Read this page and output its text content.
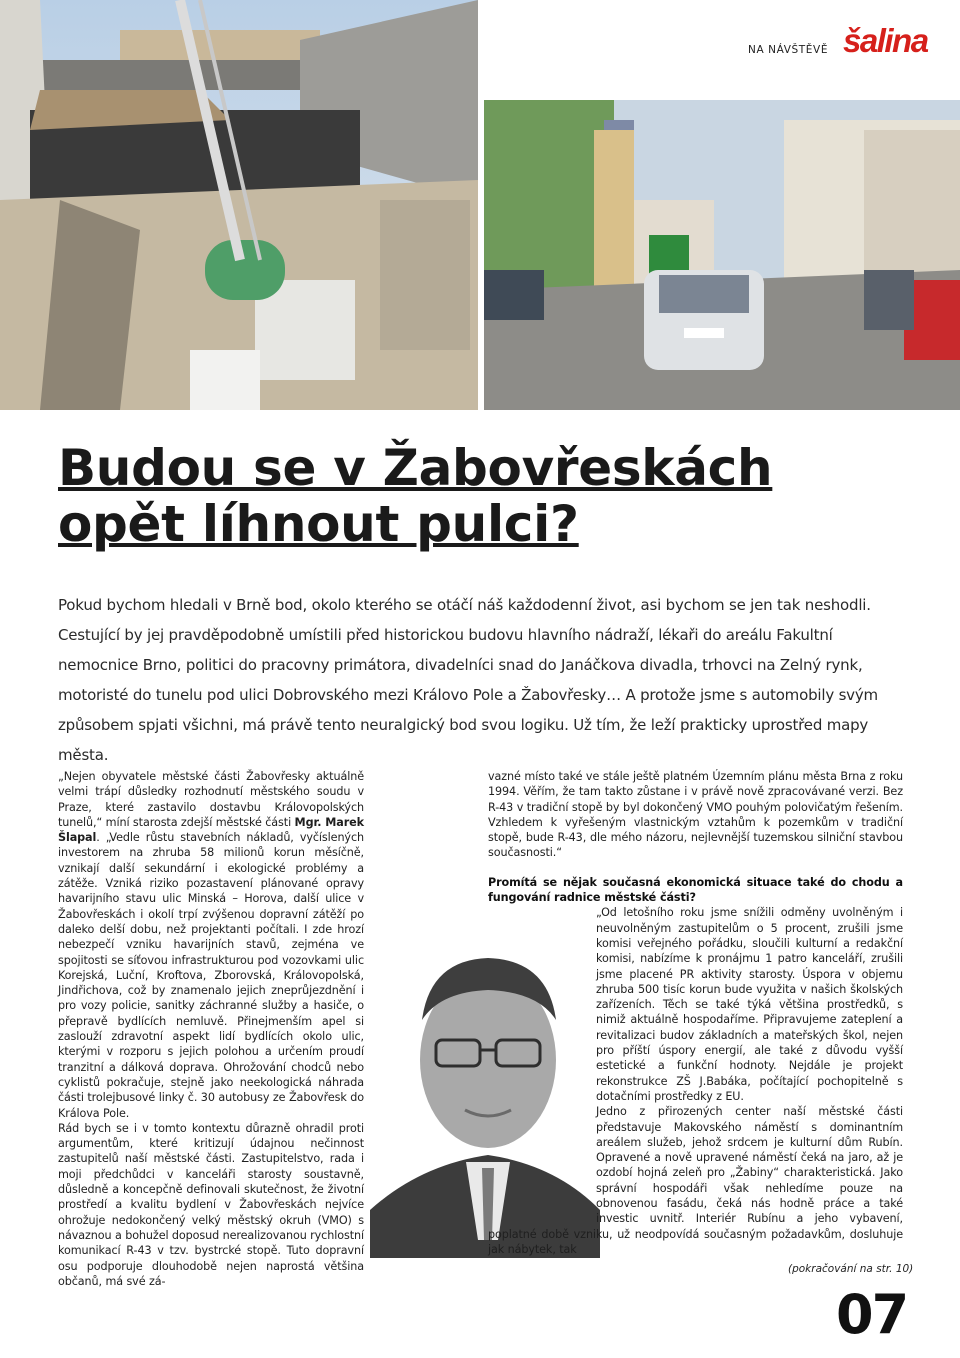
NA NÁVŠTĚVĚ šalina
Budou se v Žabovřeskách
opět líhnout pulci?

Pokud bychom hledali v Brně bod, okolo kterého se otáčí náš každodenní život, asi bychom se jen tak neshodli. Cestující by jej pravděpodobně umístili před historickou budovu hlavního nádraží, lékaři do areálu Fakultní nemocnice Brno, politici do pracovny primátora, divadelníci snad do Janáčkova divadla, trhovci na Zelný rynk, motoristé do tunelu pod ulici Dobrovského mezi Královo Pole a Žabovřesky… A protože jsme s automobily svým způsobem spjati všichni, má právě tento neuralgický bod svou logiku. Už tím, že leží prakticky uprostřed mapy města.

„Nejen obyvatele městské části Žabovřesky aktuálně velmi trápí důsledky rozhodnutí městského soudu v Praze, které zastavilo dostavbu Královopolských tunelů,“ míní starosta zdejší městské části Mgr. Marek Šlapal. „Vedle růstu stavebních nákladů, vyčíslených investorem na zhruba 58 milionů korun měsíčně, vznikají další sekundární i ekologické problémy a zátěže. Vzniká riziko pozastavení plánované opravy havarijního stavu ulic Minská – Horova, další ulice v Žabovřeskách i okolí trpí zvýšenou dopravní zátěží po daleko delší dobu, než projektanti počítali. I zde hrozí nebezpečí vzniku havarijních stavů, zejména ve spojitosti se síťovou infrastrukturou pod vozovkami ulic Korejská, Luční, Kroftova, Zborovská, Královopolská, Jindřichova, což by znamenalo jejich zneprůjezdnění i pro vozy policie, sanitky záchranné služby a hasiče, o přepravě bydlících nemluvě. Přinejmenším apel si zaslouží zdravotní aspekt lidí bydlících okolo ulic, kterými v rozporu s jejich polohou a určením proudí tranzitní a dálková doprava. Ohrožování chodců nebo cyklistů pokračuje, stejně jako neekologická náhrada části trolejbusové linky č. 30 autobusy ze Žabovřesk do Králova Pole.

Rád bych se i v tomto kontextu důrazně ohradil proti argumentům, které kritizují údajnou nečinnost zastupitelů naší městské části. Zastupitelstvo, rada i moji předchůdci v kanceláři starosty soustavně, důsledně a koncepčně definovali skutečnost, že životní prostředí a kvalitu bydlení v Žabovřeskách nejvíce ohrožuje nedokončený velký městský okruh (VMO) s návaznou a bohužel doposud nerealizovanou rychlostní komunikací R-43 v tzv. bystrcké stopě. Tuto dopravní osu podporuje dlouhodobě nejen naprostá většina občanů, má své zá-

vazné místo také ve stále ještě platném Územním plánu města Brna z roku 1994. Věřím, že tam takto zůstane i v právě nově zpracovávané verzi. Bez R-43 v tradiční stopě by byl dokončený VMO pouhým polovičatým řešením. Vzhledem k vyřešeným vlastnickým vztahům k pozemkům v tradiční stopě, bude R-43, dle mého názoru, nejlevnější tuzemskou silniční stavbou současnosti.“

Promítá se nějak současná ekonomická situace také do chodu a fungování radnice městské části?

„Od letošního roku jsme snížili odměny uvolněným i neuvolněným zastupitelům o 5 procent, zrušili jsme komisi veřejného pořádku, sloučili kulturní a redakční komisi, nabízíme k pronájmu 1 patro kanceláří, zrušili jsme placené PR aktivity starosty. Úspora v objemu zhruba 500 tisíc korun bude využita v našich školských zařízeních. Těch se také týká většina prostředků, s nimiž aktuálně hospodaříme. Připravujeme zateplení a revitalizaci budov základních a mateřských škol, nejen pro příští úspory energií, ale také z důvodu vyšší estetické a funkční hodnoty. Nejdále je projekt rekonstrukce ZŠ J.Babáka, počítající pochopitelně s dotačními prostředky z EU.

Jedno z přirozených center naší městské části představuje Makovského náměstí s dominantním areálem služeb, jehož srdcem je kulturní dům Rubín. Opravené a nově upravené náměstí čeká na jaro, až je ozdobí hojná zeleň pro „Žabiny“ charakteristická. Jako správní hospodáři však nehledíme pouze na obnovenou fasádu, čeká nás hodně práce a také investic uvnitř. Interiér Rubínu a jeho vybavení, poplatné době vzniku, už neodpovídá současným požadavkům, dosluhuje jak nábytek, tak

(pokračování na str. 10)
07
